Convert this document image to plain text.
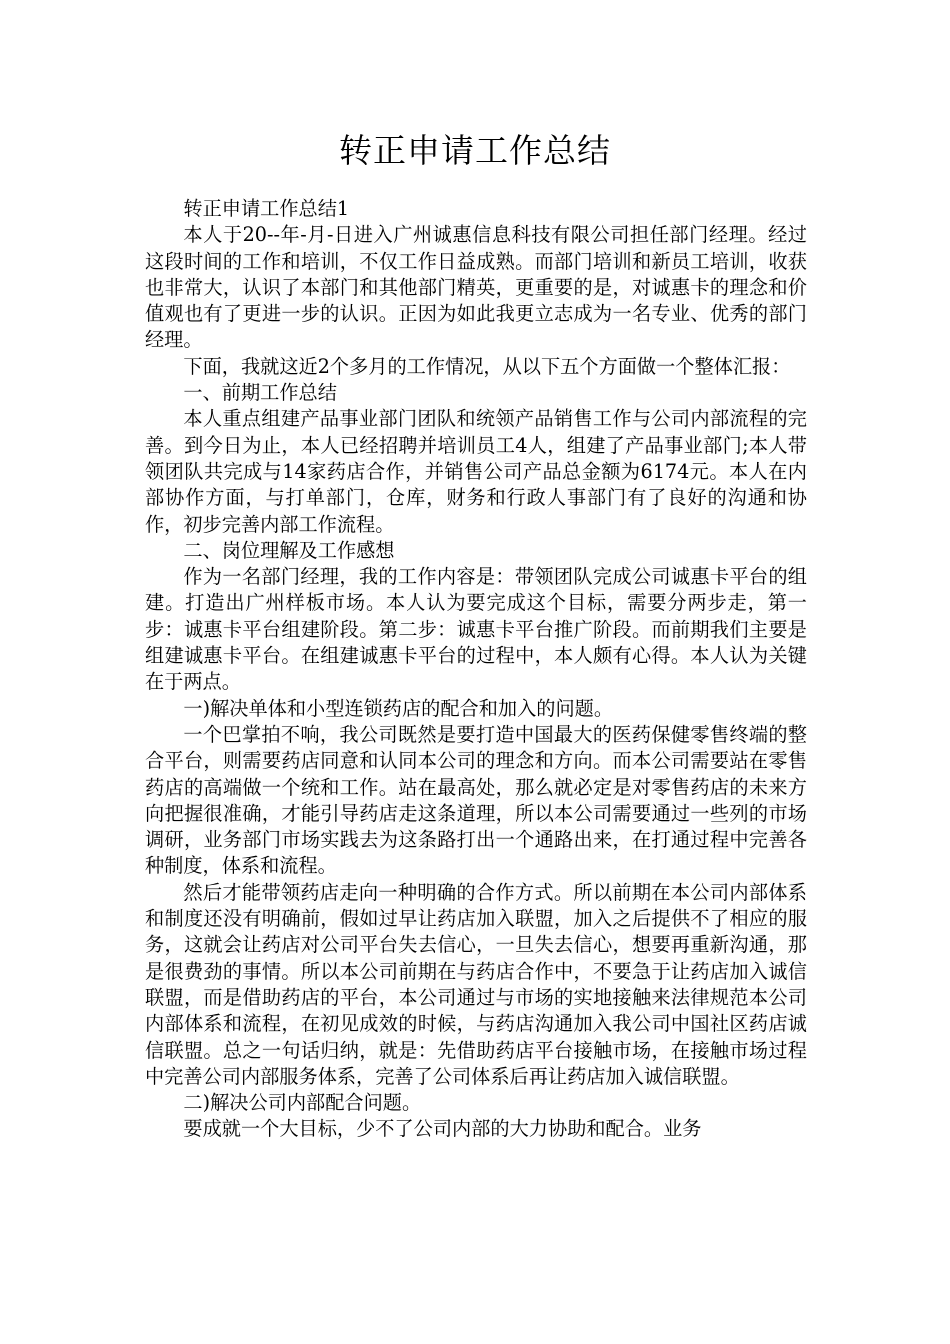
转正申请工作总结

转正申请工作总结1

本人于20--年-月-日进入广州诚惠信息科技有限公司担任部门经理。经过这段时间的工作和培训，不仅工作日益成熟。而部门培训和新员工培训，收获也非常大，认识了本部门和其他部门精英，更重要的是，对诚惠卡的理念和价值观也有了更进一步的认识。正因为如此我更立志成为一名专业、优秀的部门经理。

下面，我就这近2个多月的工作情况，从以下五个方面做一个整体汇报：

一、前期工作总结

本人重点组建产品事业部门团队和统领产品销售工作与公司内部流程的完善。到今日为止，本人已经招聘并培训员工4人，组建了产品事业部门;本人带领团队共完成与14家药店合作，并销售公司产品总金额为6174元。本人在内部协作方面，与打单部门，仓库，财务和行政人事部门有了良好的沟通和协作，初步完善内部工作流程。

二、岗位理解及工作感想

作为一名部门经理，我的工作内容是：带领团队完成公司诚惠卡平台的组建。打造出广州样板市场。本人认为要完成这个目标，需要分两步走，第一步：诚惠卡平台组建阶段。第二步：诚惠卡平台推广阶段。而前期我们主要是组建诚惠卡平台。在组建诚惠卡平台的过程中，本人颇有心得。本人认为关键在于两点。

一)解决单体和小型连锁药店的配合和加入的问题。

一个巴掌拍不响，我公司既然是要打造中国最大的医药保健零售终端的整合平台，则需要药店同意和认同本公司的理念和方向。而本公司需要站在零售药店的高端做一个统和工作。站在最高处，那么就必定是对零售药店的未来方向把握很准确，才能引导药店走这条道理，所以本公司需要通过一些列的市场调研，业务部门市场实践去为这条路打出一个通路出来，在打通过程中完善各种制度，体系和流程。

然后才能带领药店走向一种明确的合作方式。所以前期在本公司内部体系和制度还没有明确前，假如过早让药店加入联盟，加入之后提供不了相应的服务，这就会让药店对公司平台失去信心，一旦失去信心，想要再重新沟通，那是很费劲的事情。所以本公司前期在与药店合作中，不要急于让药店加入诚信联盟，而是借助药店的平台，本公司通过与市场的实地接触来法律规范本公司内部体系和流程，在初见成效的时候，与药店沟通加入我公司中国社区药店诚信联盟。总之一句话归纳，就是：先借助药店平台接触市场，在接触市场过程中完善公司内部服务体系，完善了公司体系后再让药店加入诚信联盟。

二)解决公司内部配合问题。

要成就一个大目标，少不了公司内部的大力协助和配合。业务
